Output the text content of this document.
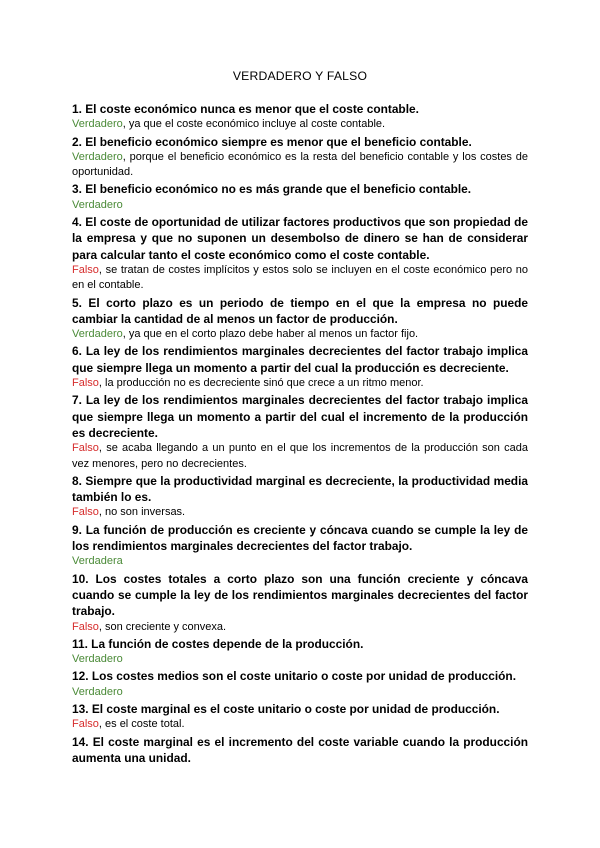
VERDADERO Y FALSO

1. El coste económico nunca es menor que el coste contable.

Verdadero, ya que el coste económico incluye al coste contable.

2. El beneficio económico siempre es menor que el beneficio contable.

Verdadero, porque el beneficio económico es la resta del beneficio contable y los costes de oportunidad.

3. El beneficio económico no es más grande que el beneficio contable.

Verdadero

4. El coste de oportunidad de utilizar factores productivos que son propiedad de la empresa y que no suponen un desembolso de dinero se han de considerar para calcular tanto el coste económico como el coste contable.

Falso, se tratan de costes implícitos y estos solo se incluyen en el coste económico pero no en el contable.

5. El corto plazo es un periodo de tiempo en el que la empresa no puede cambiar la cantidad de al menos un factor de producción.

Verdadero, ya que en el corto plazo debe haber al menos un factor fijo.

6. La ley de los rendimientos marginales decrecientes del factor trabajo implica que siempre llega un momento a partir del cual la producción es decreciente.

Falso, la producción no es decreciente sinó que crece a un ritmo menor.

7. La ley de los rendimientos marginales decrecientes del factor trabajo implica que siempre llega un momento a partir del cual el incremento de la producción es decreciente.

Falso, se acaba llegando a un punto en el que los incrementos de la producción son cada vez menores, pero no decrecientes.

8. Siempre que la productividad marginal es decreciente, la productividad media también lo es.

Falso, no son inversas.

9. La función de producción es creciente y cóncava cuando se cumple la ley de los rendimientos marginales decrecientes del factor trabajo.

Verdadera

10. Los costes totales a corto plazo son una función creciente y cóncava cuando se cumple la ley de los rendimientos marginales decrecientes del factor trabajo.

Falso, son creciente y convexa.

11. La función de costes depende de la producción.

Verdadero

12. Los costes medios son el coste unitario o coste por unidad de producción.

Verdadero

13. El coste marginal es el coste unitario o coste por unidad de producción.

Falso, es el coste total.

14. El coste marginal es el incremento del coste variable cuando la producción aumenta una unidad.
